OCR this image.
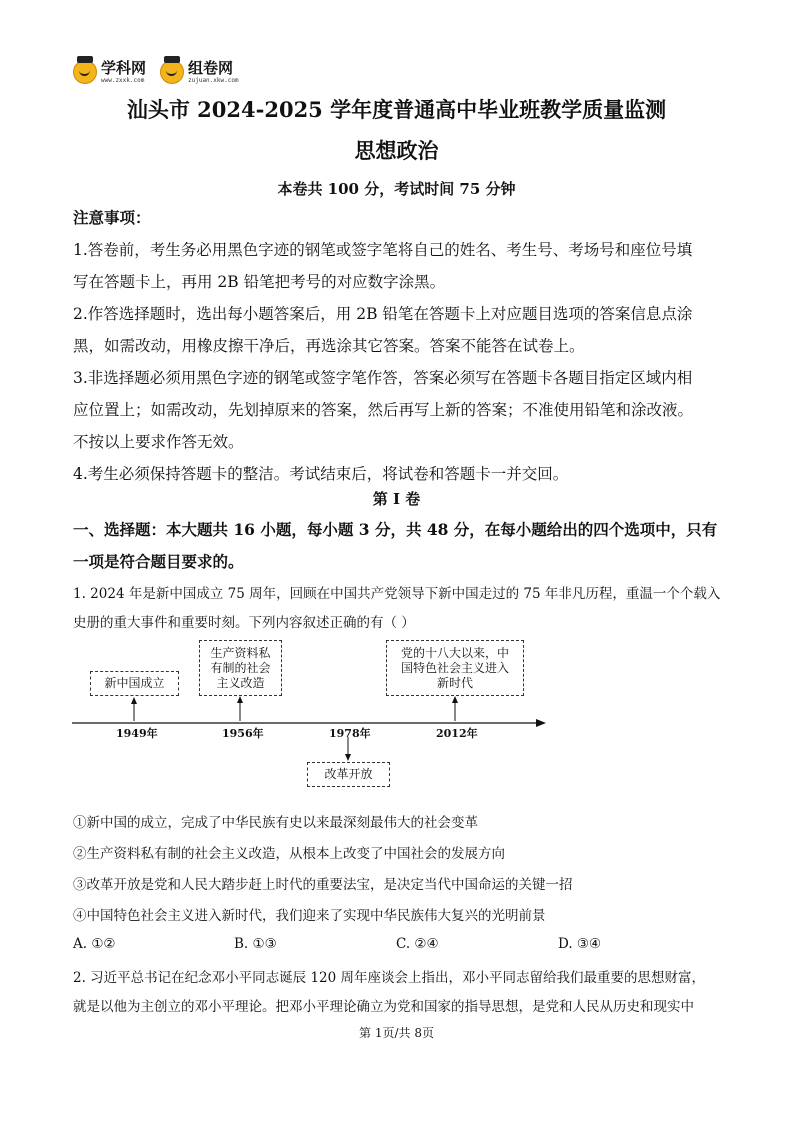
学科网
www.zxxk.com
组卷网
zujuan.xkw.com
汕头市 2024-2025 学年度普通高中毕业班教学质量监测
思想政治
本卷共 100 分，考试时间 75 分钟
注意事项：
1.答卷前，考生务必用黑色字迹的钢笔或签字笔将自己的姓名、考生号、考场号和座位号填
写在答题卡上，再用 2B 铅笔把考号的对应数字涂黑。
2.作答选择题时，选出每小题答案后，用 2B 铅笔在答题卡上对应题目选项的答案信息点涂
黑，如需改动，用橡皮擦干净后，再选涂其它答案。答案不能答在试卷上。
3.非选择题必须用黑色字迹的钢笔或签字笔作答，答案必须写在答题卡各题目指定区域内相
应位置上；如需改动，先划掉原来的答案，然后再写上新的答案；不准使用铅笔和涂改液。
不按以上要求作答无效。
4.考生必须保持答题卡的整洁。考试结束后，将试卷和答题卡一并交回。
第 I 卷
一、选择题：本大题共 16 小题，每小题 3 分，共 48 分，在每小题给出的四个选项中，只有
一项是符合题目要求的。
1. 2024 年是新中国成立 75 周年，回顾在中国共产党领导下新中国走过的 75 年非凡历程，重温一个个载入
史册的重大事件和重要时刻。下列内容叙述正确的有（ ）
新中国成立
生产资料私
有制的社会
主义改造
党的十八大以来，中
国特色社会主义进入
新时代
改革开放
1949年	1956年	1978年	2012年
①新中国的成立，完成了中华民族有史以来最深刻最伟大的社会变革
②生产资料私有制的社会主义改造，从根本上改变了中国社会的发展方向
③改革开放是党和人民大踏步赶上时代的重要法宝，是决定当代中国命运的关键一招
④中国特色社会主义进入新时代，我们迎来了实现中华民族伟大复兴的光明前景
A. ①②	B. ①③	C. ②④	D. ③④
2. 习近平总书记在纪念邓小平同志诞辰 120 周年座谈会上指出，邓小平同志留给我们最重要的思想财富，
就是以他为主创立的邓小平理论。把邓小平理论确立为党和国家的指导思想，是党和人民从历史和现实中
第 1页/共 8页
